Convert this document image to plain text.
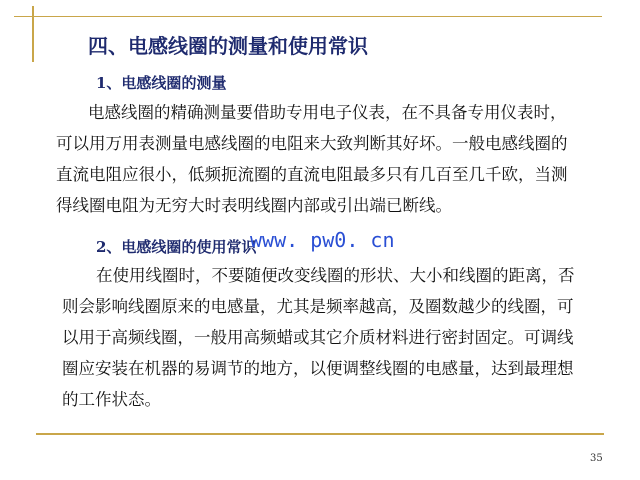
四、电感线圈的测量和使用常识
1、电感线圈的测量
电感线圈的精确测量要借助专用电子仪表，在不具备专用仪表时，
可以用万用表测量电感线圈的电阻来大致判断其好坏。一般电感线圈的
直流电阻应很小，低频扼流圈的直流电阻最多只有几百至几千欧，当测
得线圈电阻为无穷大时表明线圈内部或引出端已断线。
2、电感线圈的使用常识
www. pw0. cn
在使用线圈时，不要随便改变线圈的形状、大小和线圈的距离，否
则会影响线圈原来的电感量，尤其是频率越高，及圈数越少的线圈，可
以用于高频线圈，一般用高频蜡或其它介质材料进行密封固定。可调线
圈应安装在机器的易调节的地方，以便调整线圈的电感量，达到最理想
的工作状态。
35
